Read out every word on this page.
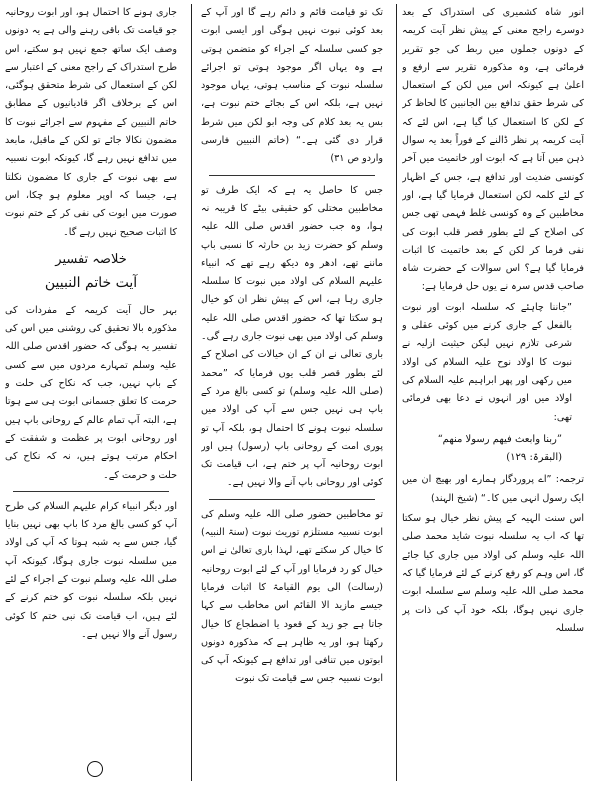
انور شاہ کشمیری کی استدراک کے بعد دوسرے راجح معنی کے پیش نظر آیت کریمہ کے دونوں جملوں میں ربط کی جو تقریر فرمائی ہے، وہ مذکورہ تقریر سے ارفع و اعلیٰ ہے کیونکہ اس میں لکن کے استعمال کی شرط حقق تدافع بین الجانبین کا لحاظ کر کے لکن کا استعمال کیا گیا ہے، اس لئے کہ آیت کریمہ پر نظر ڈالنے کے فوراً بعد یہ سوال ذہن میں آتا ہے کہ ابوت اور خاتمیت میں آخر کونسی ضدیت اور تدافع ہے، جس کے اظہار کے لئے کلمہ لکن استعمال فرمایا گیا ہے، اور مخاطبین کے وہ کونسی غلط فہمی تھی جس کی اصلاح کے لئے بطور قصر قلب ابوت کی نفی فرما کر لکن کے بعد خاتمیت کا اثبات فرمایا گیا ہے؟ اس سوالات کے حضرت شاہ صاحب قدس سرہ نے یوں حل فرمایا ہے:

”جاننا چاہئے کہ سلسلہ ابوت اور نبوت بالفعل کے جاری کرنے میں کوئی عقلی و شرعی تلازم نہیں لیکن حیثیت ازلیہ نے نبوت کا اولاد نوح علیہ السلام کی اولاد میں رکھی اور پھر ابراہیم علیہ السلام کی اولاد میں اور انہوں نے دعا بھی فرمائی تھی:

”ربنا وابعث فیھم رسولا منھم“ (البقرۃ: ۱۲۹)

ترجمہ: ”اے پروردگار ہمارے اور بھیج ان میں ایک رسول انہی میں کا۔“ (شیخ الہند)

اس سنت الہیہ کے پیش نظر خیال ہو سکتا تھا کہ اب یہ سلسلہ نبوت شاید محمد صلی اللہ علیہ وسلم کی اولاد میں جاری کیا جائے گا، اس وہم کو رفع کرنے کے لئے فرمایا گیا کہ محمد صلی اللہ علیہ وسلم سے سلسلہ ابوت جاری نہیں ہوگا، بلکہ خود آپ کی ذات پر سلسلہ

تک تو قیامت قائم و دائم رہے گا اور آپ کے بعد کوئی نبوت نہیں ہوگی اور ایسی ابوت جو کسی سلسلہ کے اجراء کو متضمن ہوتی ہے وہ یہاں اگر موجود ہوتی تو اجرائے سلسلہ نبوت کے مناسب ہوتی، یہاں موجود نہیں ہے، بلکہ اس کے بجائے ختم نبوت ہے، بس یہ بعد کلام کی وجہ ابو لکن میں شرط قرار دی گئی ہے۔“ (خاتم النبیین فارسی واردو ص ۳۱)

جس کا حاصل یہ ہے کہ ایک طرف تو مخاطبین مختلی کو حقیقی بیٹے کا قریبہ نہ ہوا، وہ جب حضور اقدس صلی اللہ علیہ وسلم کو حضرت زید بن حارثہ کا نسبی باپ ماننے تھے، ادھر وہ دیکھ رہے تھے کہ انبیاء علیہم السلام کی اولاد میں نبوت کا سلسلہ جاری رہا ہے، اس کے پیش نظر ان کو خیال ہو سکتا تھا کہ حضور اقدس صلی اللہ علیہ وسلم کی اولاد میں بھی نبوت جاری رہے گی۔ باری تعالی نے ان کے ان خیالات کی اصلاح کے لئے بطور قصر قلب یوں فرمایا کہ ”محمد (صلی اللہ علیہ وسلم) تو کسی بالغ مرد کے باپ ہی نہیں جس سے آپ کی اولاد میں سلسلہ نبوت ہونے کا احتمال ہو، بلکہ آپ تو پوری امت کے روحانی باپ (رسول) ہیں اور ابوت روحانیہ آپ پر ختم ہے، اب قیامت تک کوئی اور روحانی باپ آنے والا نہیں ہے۔

تو مخاطبین حضور صلی اللہ علیہ وسلم کی ابوت نسبیہ مستلزم توریث نبوت (سنۃ النبیہ) کا خیال کر سکتے تھے، لہذا باری تعالیٰ نے اس خیال کو رد فرمایا اور آپ کے لئے ابوت روحانیہ (رسالت) الی یوم القیامۃ کا اثبات فرمایا جیسے مازید الا القائم اس مخاطب سے کہا جاتا ہے جو زید کے قعود یا اضطجاع کا خیال رکھتا ہو، اور یہ ظاہر ہے کہ مذکورہ دونوں ابوتوں میں تنافی اور تدافع ہے کیونکہ آپ کی ابوت نسبیہ جس سے قیامت تک نبوت

جاری ہونے کا احتمال ہو، اور ابوت روحانیہ جو قیامت تک باقی رہنے والی ہے یہ دونوں وصف ایک ساتھ جمع نہیں ہو سکتے، اس طرح استدراک کے راجح معنی کے اعتبار سے لکن کے استعمال کی شرط متحقق ہوگئی، اس کے برخلاف اگر قادیانیوں کے مطابق خاتم النبیین کے مفہوم سے اجرائے نبوت کا مضمون نکالا جائے تو لکن کے ماقبل، مابعد میں تدافع نہیں رہے گا، کیونکہ ابوت نسبیہ سے بھی نبوت کے جاری کا مضمون نکلتا ہے، جیسا کہ اوپر معلوم ہو چکا، اس صورت میں ابوت کی نفی کر کے ختم نبوت کا اثبات صحیح نہیں رہے گا۔

خلاصہ تفسیر
آیت خاتم النبیین

بہر حال آیت کریمہ کے مفردات کی مذکورہ بالا تحقیق کی روشنی میں اس کی تفسیر یہ ہوگی کہ حضور اقدس صلی اللہ علیہ وسلم تمہارے مردوں میں سے کسی کے باپ نہیں، جب کہ نکاح کی حلت و حرمت کا تعلق جسمانی ابوت ہی سے ہوتا ہے، البتہ آپ تمام عالم کے روحانی باپ ہیں اور روحانی ابوت پر عظمت و شفقت کے احکام مرتب ہوتے ہیں، نہ کہ نکاح کی حلت و حرمت کے۔

اور دیگر انبیاء کرام علیہم السلام کی طرح آپ کو کسی بالغ مرد کا باپ بھی نہیں بنایا گیا، جس سے یہ شبہ ہوتا کہ آپ کی اولاد میں سلسلہ نبوت جاری ہوگا، کیونکہ آپ صلی اللہ علیہ وسلم نبوت کے اجراء کے لئے نہیں بلکہ سلسلہ نبوت کو ختم کرنے کے لئے ہیں، اب قیامت تک نبی ختم کا کوئی رسول آنے والا نہیں ہے۔
